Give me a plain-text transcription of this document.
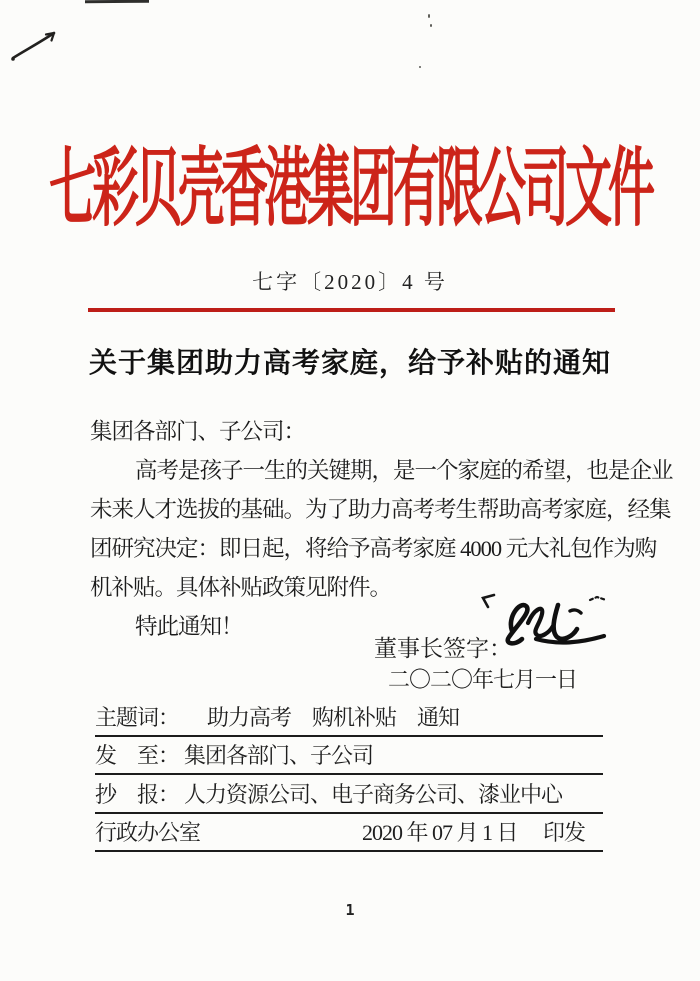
七彩贝壳香港集团有限公司文件
七字〔2020〕4 号
关于集团助力高考家庭，给予补贴的通知
集团各部门、子公司：
高考是孩子一生的关键期，是一个家庭的希望，也是企业
未来人才选拔的基础。为了助力高考考生帮助高考家庭，经集
团研究决定：即日起，将给予高考家庭 4000 元大礼包作为购
机补贴。具体补贴政策见附件。
特此通知！
董事长签字：
二〇二〇年七月一日
主题词： 助力高考　购机补贴　通知
发　至： 集团各部门、子公司
抄　报： 人力资源公司、电子商务公司、漆业中心
行政办公室	2020 年 07 月 1 日　 印发
1
